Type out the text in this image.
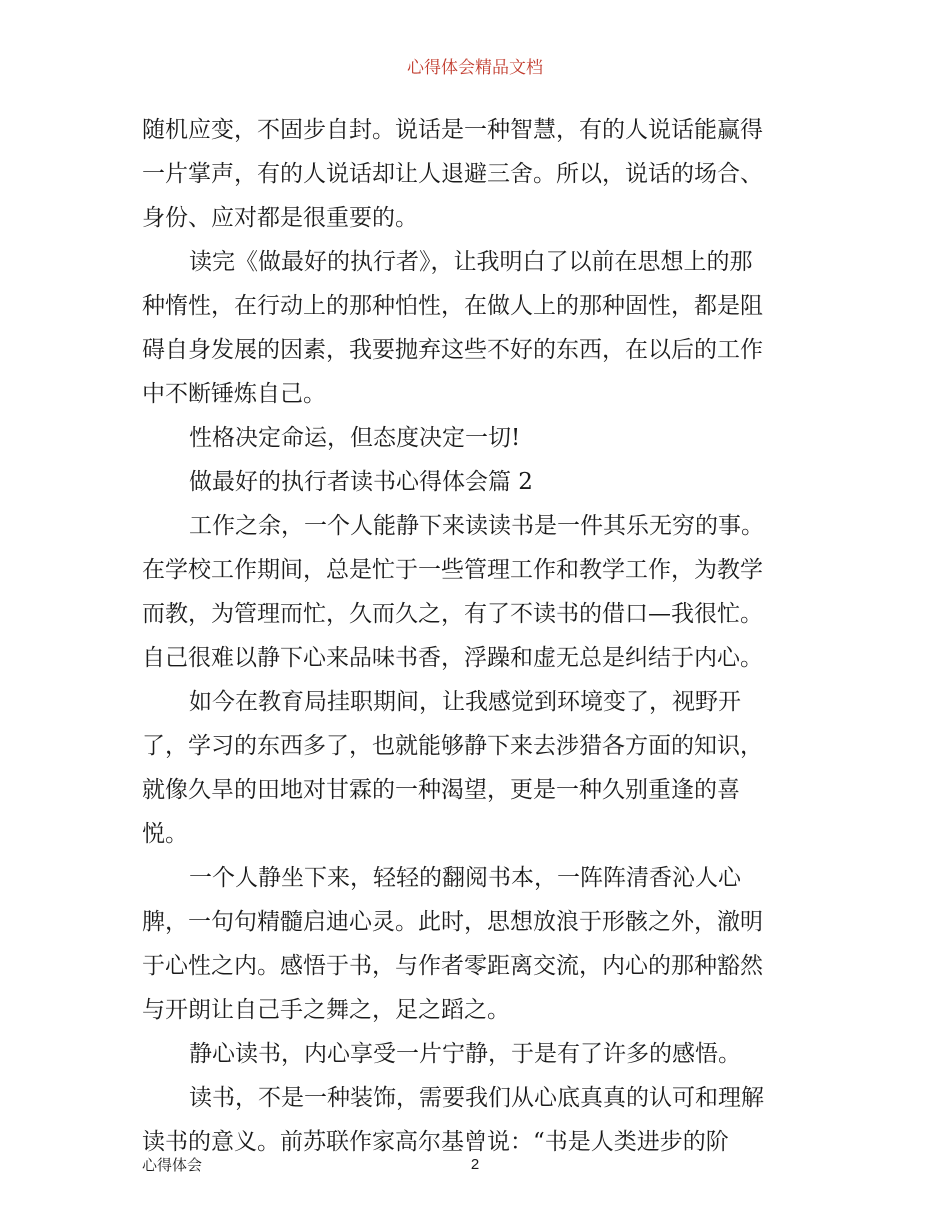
心得体会精品文档
随机应变，不固步自封。说话是一种智慧，有的人说话能赢得
一片掌声，有的人说话却让人退避三舍。所以，说话的场合、
身份、应对都是很重要的。
读完《做最好的执行者》，让我明白了以前在思想上的那
种惰性，在行动上的那种怕性，在做人上的那种固性，都是阻
碍自身发展的因素，我要抛弃这些不好的东西，在以后的工作
中不断锤炼自己。
性格决定命运，但态度决定一切!
做最好的执行者读书心得体会篇 2
工作之余，一个人能静下来读读书是一件其乐无穷的事。
在学校工作期间，总是忙于一些管理工作和教学工作，为教学
而教，为管理而忙，久而久之，有了不读书的借口—我很忙。
自己很难以静下心来品味书香，浮躁和虚无总是纠结于内心。
如今在教育局挂职期间，让我感觉到环境变了，视野开
了，学习的东西多了，也就能够静下来去涉猎各方面的知识，
就像久旱的田地对甘霖的一种渴望，更是一种久别重逢的喜
悦。
一个人静坐下来，轻轻的翻阅书本，一阵阵清香沁人心
脾，一句句精髓启迪心灵。此时，思想放浪于形骸之外，澈明
于心性之内。感悟于书，与作者零距离交流，内心的那种豁然
与开朗让自己手之舞之，足之蹈之。
静心读书，内心享受一片宁静，于是有了许多的感悟。
读书，不是一种装饰，需要我们从心底真真的认可和理解
读书的意义。前苏联作家高尔基曾说：“书是人类进步的阶
心得体会	2
